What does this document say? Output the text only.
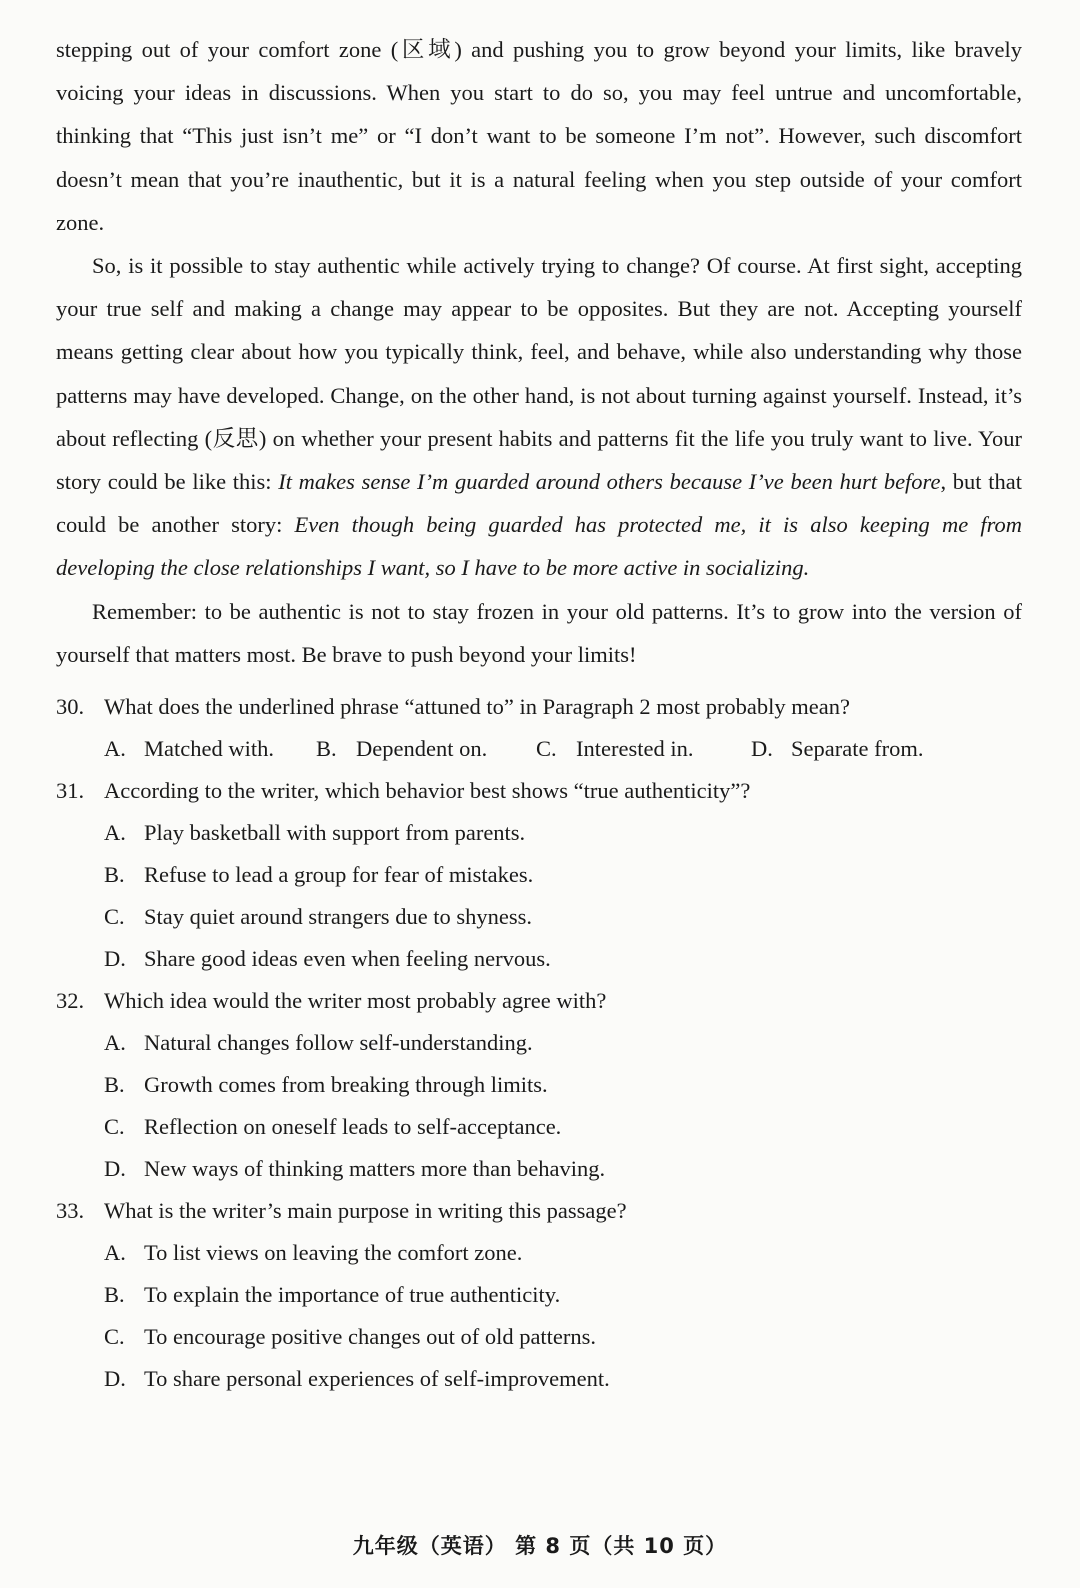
stepping out of your comfort zone (区域) and pushing you to grow beyond your limits, like bravely voicing your ideas in discussions. When you start to do so, you may feel untrue and uncomfortable, thinking that “This just isn’t me” or “I don’t want to be someone I’m not”. However, such discomfort doesn’t mean that you’re inauthentic, but it is a natural feeling when you step outside of your comfort zone.

So, is it possible to stay authentic while actively trying to change? Of course. At first sight, accepting your true self and making a change may appear to be opposites. But they are not. Accepting yourself means getting clear about how you typically think, feel, and behave, while also understanding why those patterns may have developed. Change, on the other hand, is not about turning against yourself. Instead, it’s about reflecting (反思) on whether your present habits and patterns fit the life you truly want to live. Your story could be like this: It makes sense I’m guarded around others because I’ve been hurt before, but that could be another story: Even though being guarded has protected me, it is also keeping me from developing the close relationships I want, so I have to be more active in socializing.

Remember: to be authentic is not to stay frozen in your old patterns. It’s to grow into the version of yourself that matters most. Be brave to push beyond your limits!

30. What does the underlined phrase “attuned to” in Paragraph 2 most probably mean?

A. Matched with.	B. Dependent on.	C. Interested in.	D. Separate from.

31. According to the writer, which behavior best shows “true authenticity”?

A. Play basketball with support from parents.

B. Refuse to lead a group for fear of mistakes.

C. Stay quiet around strangers due to shyness.

D. Share good ideas even when feeling nervous.

32. Which idea would the writer most probably agree with?

A. Natural changes follow self-understanding.

B. Growth comes from breaking through limits.

C. Reflection on oneself leads to self-acceptance.

D. New ways of thinking matters more than behaving.

33. What is the writer’s main purpose in writing this passage?

A. To list views on leaving the comfort zone.

B. To explain the importance of true authenticity.

C. To encourage positive changes out of old patterns.

D. To share personal experiences of self-improvement.

九年级（英语） 第 8 页（共 10 页）
